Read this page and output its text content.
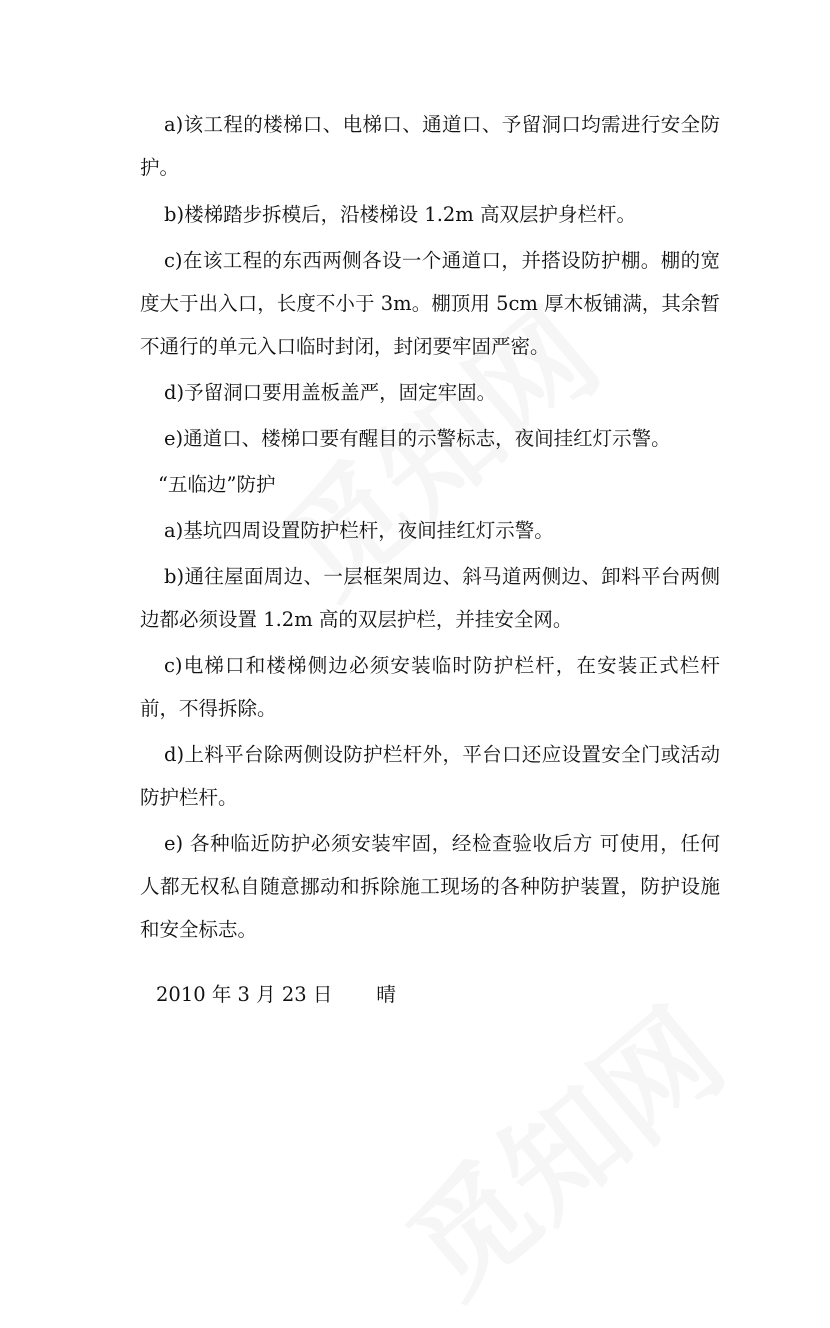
a)该工程的楼梯口、电梯口、通道口、予留洞口均需进行安全防护。

b)楼梯踏步拆模后，沿楼梯设 1.2m 高双层护身栏杆。

c)在该工程的东西两侧各设一个通道口，并搭设防护棚。棚的宽度大于出入口，长度不小于 3m。棚顶用 5cm 厚木板铺满，其余暂不通行的单元入口临时封闭，封闭要牢固严密。

d)予留洞口要用盖板盖严，固定牢固。

e)通道口、楼梯口要有醒目的示警标志，夜间挂红灯示警。

“五临边”防护

a)基坑四周设置防护栏杆，夜间挂红灯示警。

b)通往屋面周边、一层框架周边、斜马道两侧边、卸料平台两侧边都必须设置 1.2m 高的双层护栏，并挂安全网。

c)电梯口和楼梯侧边必须安装临时防护栏杆，在安装正式栏杆前，不得拆除。

d)上料平台除两侧设防护栏杆外，平台口还应设置安全门或活动防护栏杆。

e) 各种临近防护必须安装牢固，经检查验收后方 可使用，任何人都无权私自随意挪动和拆除施工现场的各种防护装置，防护设施和安全标志。

2010 年 3 月 23 日 晴
